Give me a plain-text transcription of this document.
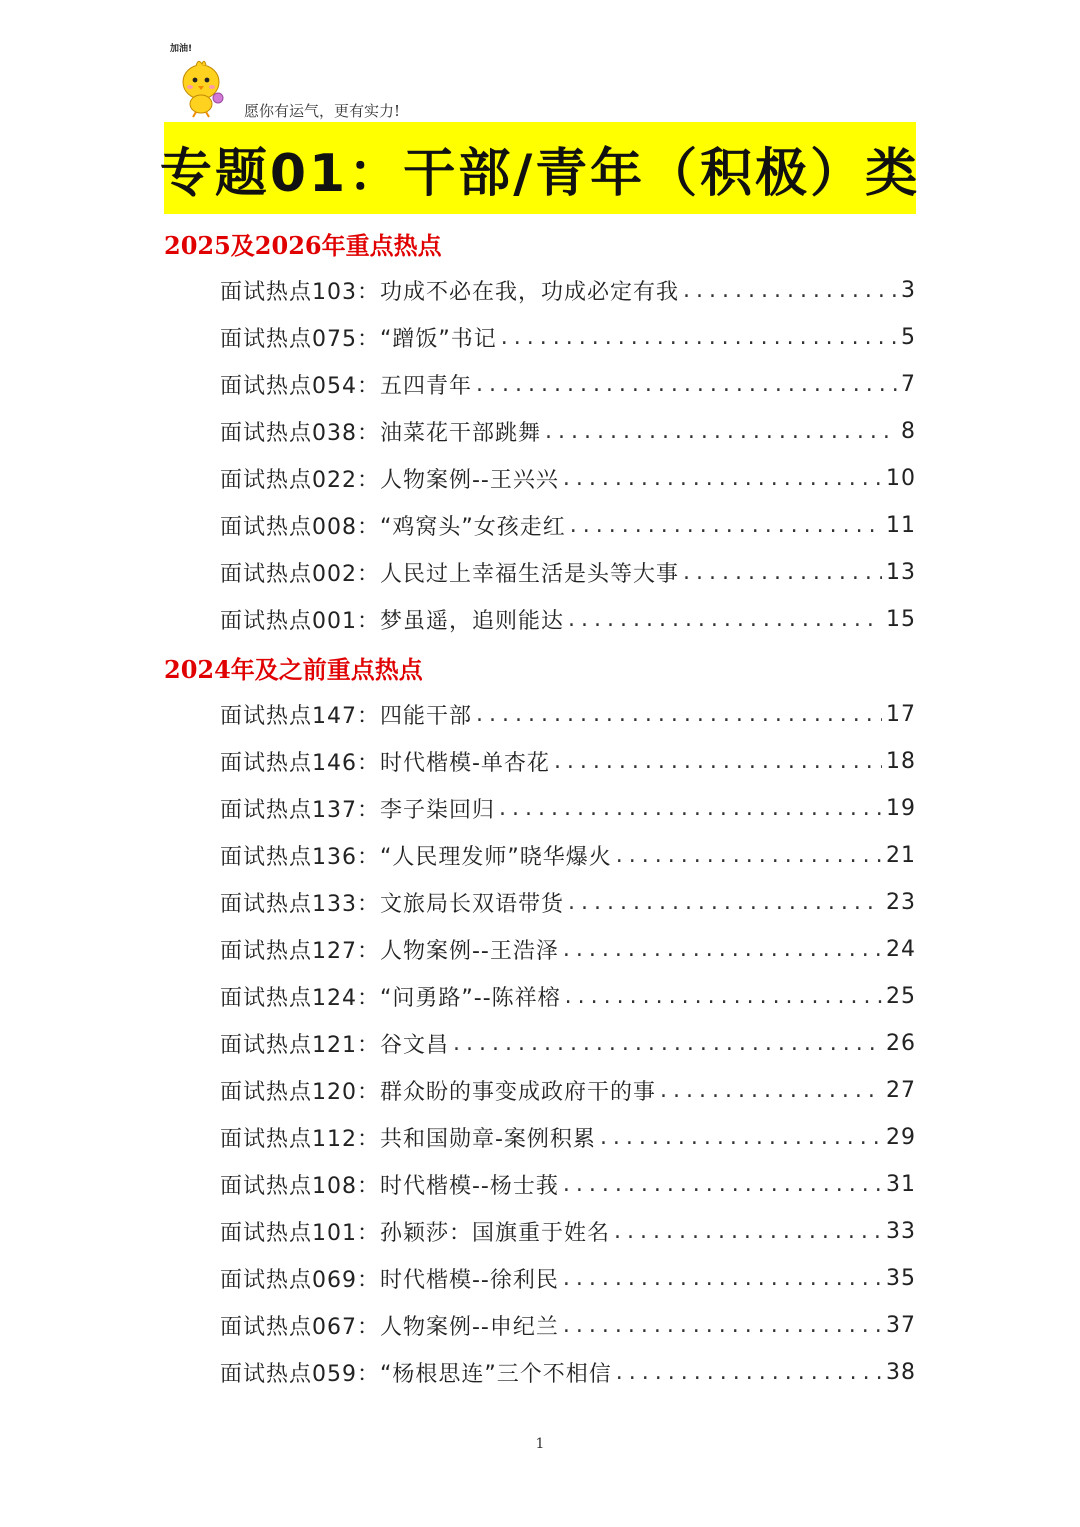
加油!
愿你有运气，更有实力!
专题01：干部/青年（积极）类
2025及2026年重点热点
面试热点103：功成不必在我，功成必定有我 .....	3
面试热点075：“蹭饭”书记 .....	5
面试热点054：五四青年 .....	7
面试热点038：油菜花干部跳舞 .....	8
面试热点022：人物案例--王兴兴 .....	10
面试热点008：“鸡窝头”女孩走红 .....	11
面试热点002：人民过上幸福生活是头等大事 .....	13
面试热点001：梦虽遥，追则能达 .....	15
2024年及之前重点热点
面试热点147：四能干部 .....	17
面试热点146：时代楷模-单杏花 .....	18
面试热点137：李子柒回归 .....	19
面试热点136：“人民理发师”晓华爆火 .....	21
面试热点133：文旅局长双语带货 .....	23
面试热点127：人物案例--王浩泽 .....	24
面试热点124：“问勇路”--陈祥榕 .....	25
面试热点121：谷文昌 .....	26
面试热点120：群众盼的事变成政府干的事 .....	27
面试热点112：共和国勋章-案例积累 .....	29
面试热点108：时代楷模--杨士莪 .....	31
面试热点101：孙颖莎：国旗重于姓名 .....	33
面试热点069：时代楷模--徐利民 .....	35
面试热点067：人物案例--申纪兰 .....	37
面试热点059：“杨根思连”三个不相信 .....	38
1
